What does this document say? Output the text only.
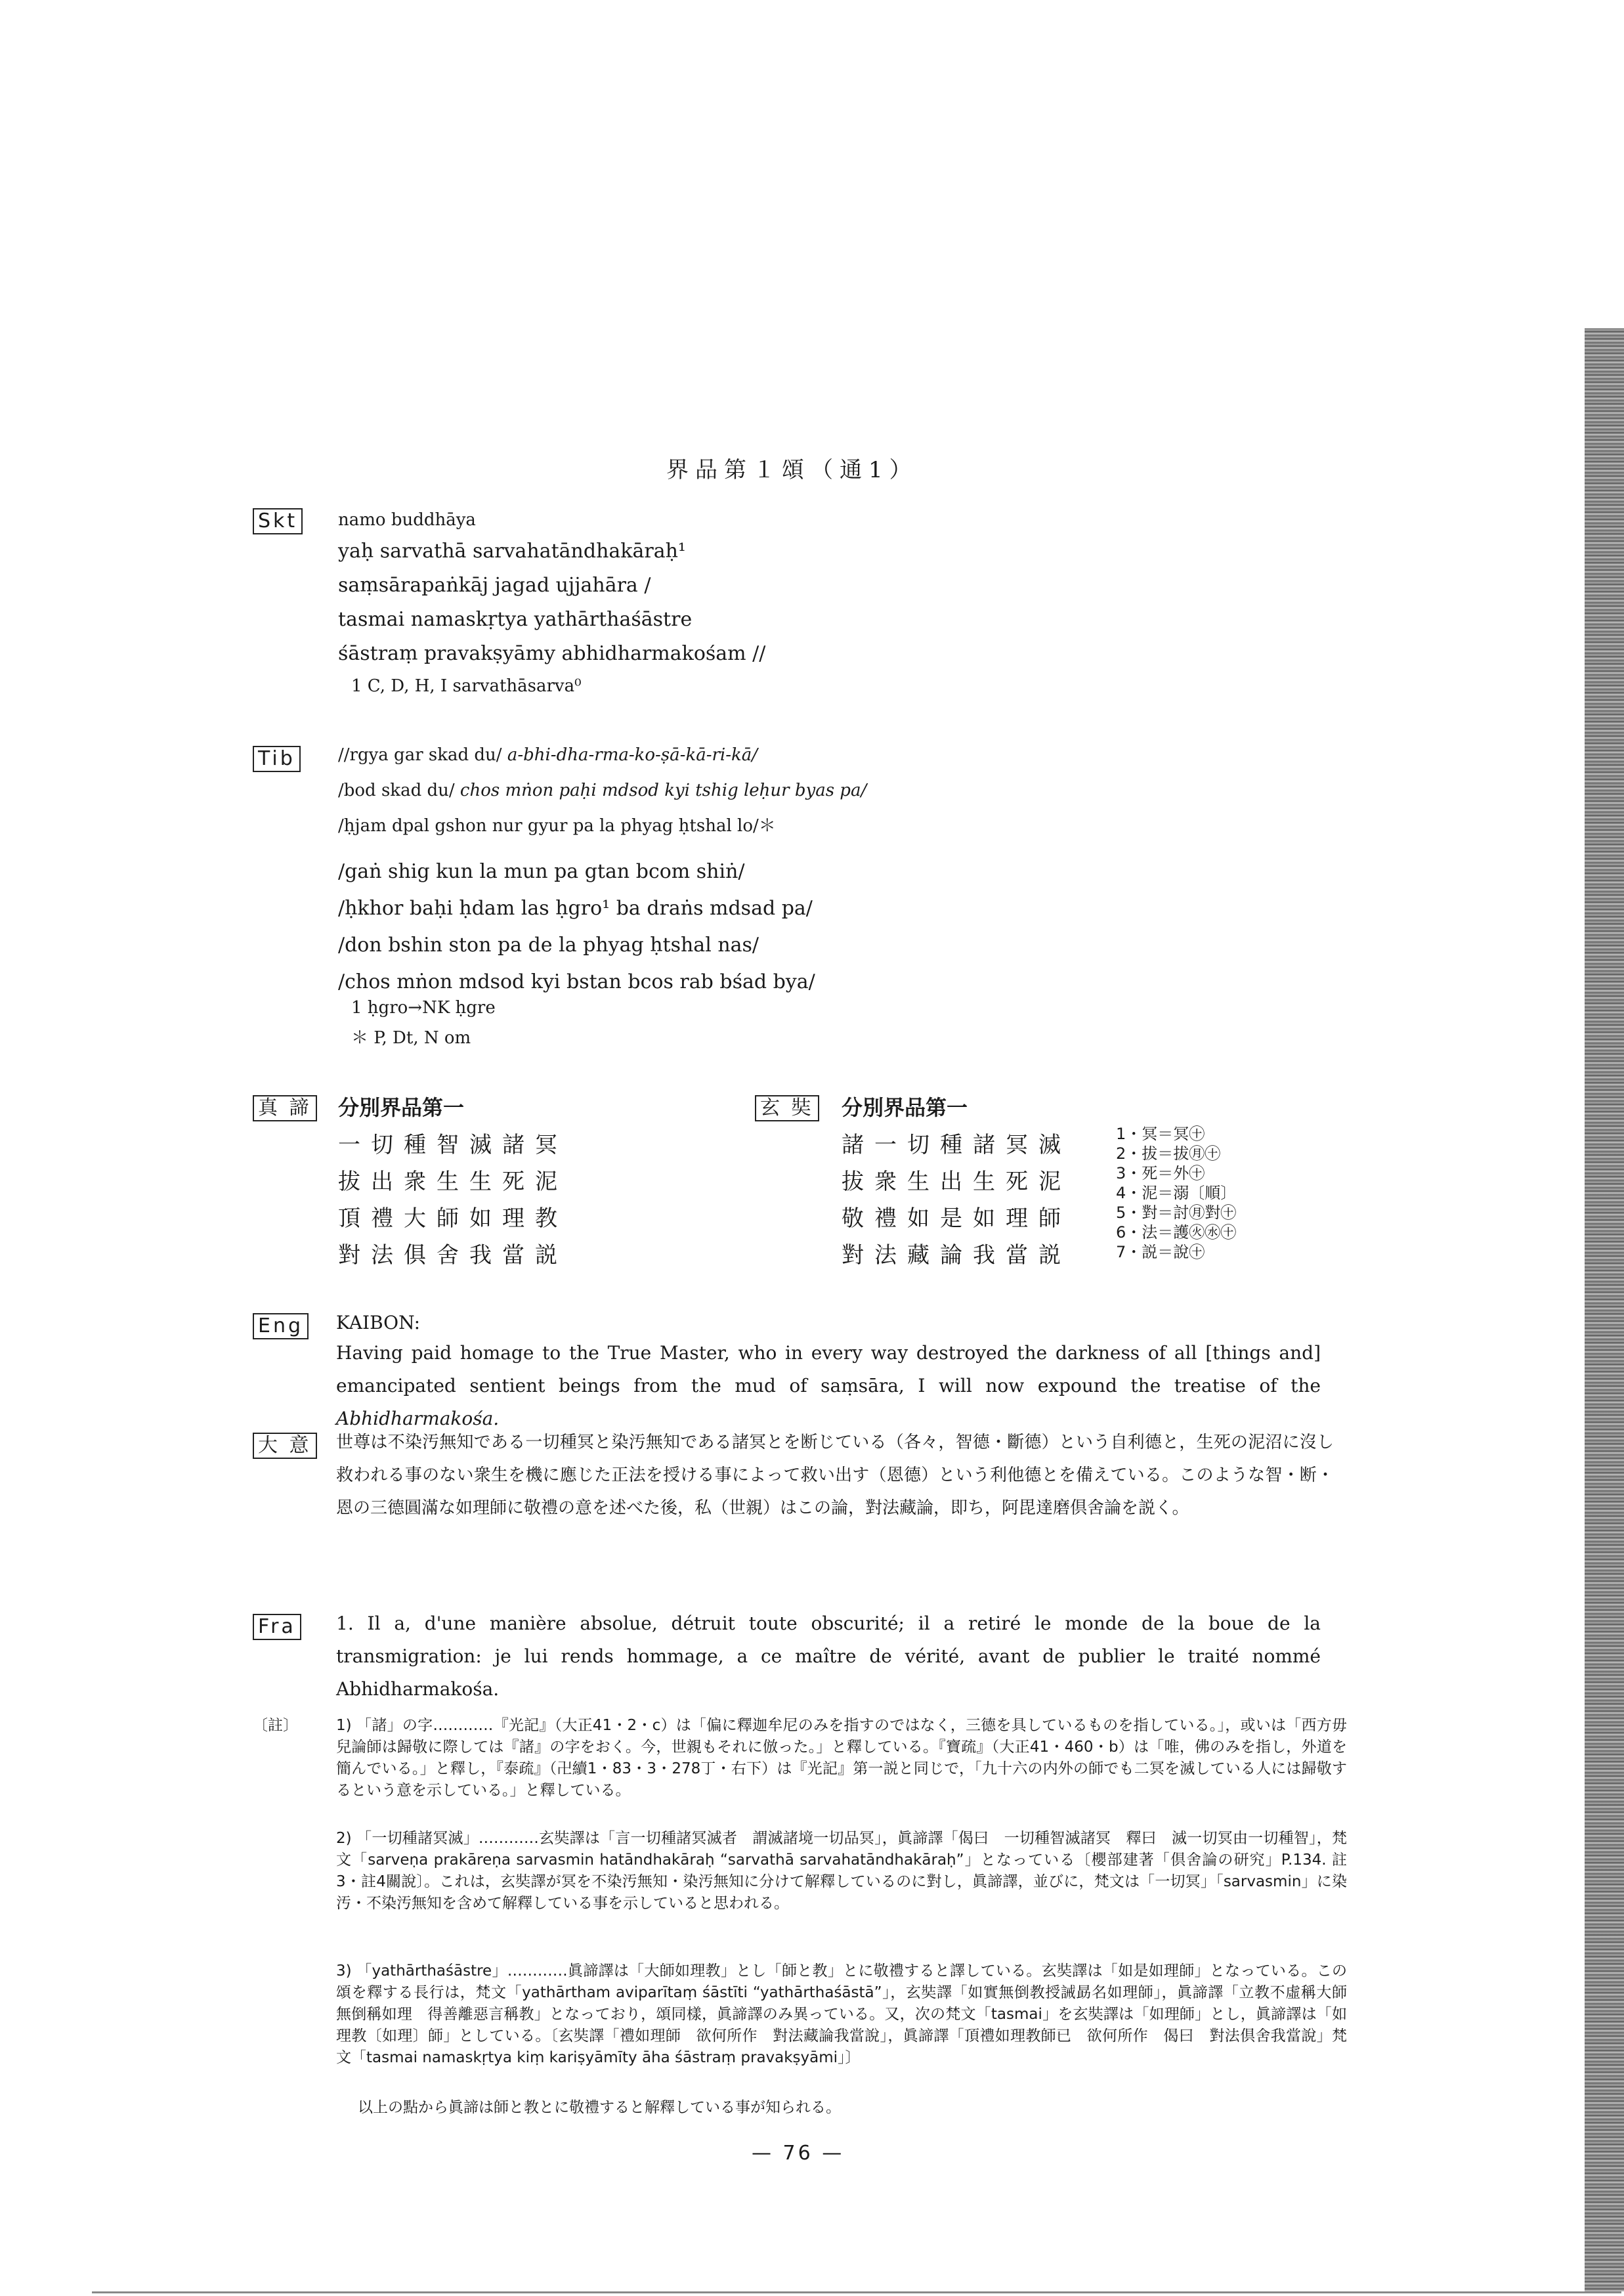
界品第１頌（通1）
Skt	namo buddhāya
yaḥ sarvathā sarvahatāndhakāraḥ¹
saṃsārapaṅkāj jagad ujjahāra /
tasmai namaskṛtya yathārthaśāstre
śāstraṃ pravakṣyāmy abhidharmakośam //
1 C, D, H, I sarvathāsarva⁰
Tib	//rgya gar skad du/ a-bhi-dha-rma-ko-ṣā-kā-ri-kā/
/bod skad du/ chos mṅon paḥi mdsod kyi tshig leḥur byas pa/
/ḥjam dpal gshon nur gyur pa la phyag ḥtshal lo/＊
/gaṅ shig kun la mun pa gtan bcom shiṅ/
/ḥkhor baḥi ḥdam las ḥgro¹ ba draṅs mdsad pa/
/don bshin ston pa de la phyag ḥtshal nas/
/chos mṅon mdsod kyi bstan bcos rab bśad bya/
1 ḥgro→NK ḥgre
＊ P, Dt, N om
真 諦 分別界品第一
一切種智滅諸冥
拔出衆生生死泥
頂禮大師如理教
對法俱舍我當説
玄 奘 分別界品第一
諸一切種諸冥滅
拔衆生出生死泥
敬禮如是如理師
對法藏論我當説
1・冥＝冥㊉
2・拔＝拔㊊㊉
3・死＝外㊉
4・泥＝溺〔順〕
5・對＝討㊊對㊉
6・法＝護㊋㊌㊉
7・説＝說㊉
Eng KAIBON:
Having paid homage to the True Master, who in every way destroyed the darkness of all [things and] emancipated sentient beings from the mud of saṃsāra, I will now expound the treatise of the Abhidharmakośa.
大 意	世尊は不染汚無知である一切種冥と染汚無知である諸冥とを断じている（各々，智德・斷德）という自利德と，生死の泥沼に沒し救われる事のない衆生を機に應じた正法を授ける事によって救い出す（恩德）という利他德とを備えている。このような智・断・恩の三德圓滿な如理師に敬禮の意を述べた後，私（世親）はこの論，對法藏論，即ち，阿毘達磨倶舍論を説く。
Fra 1. Il a, d'une manière absolue, détruit toute obscurité; il a retiré le monde de la boue de la transmigration: je lui rends hommage, a ce maître de vérité, avant de publier le traité nommé Abhidharmakośa.
〔註〕	1) 「諸」の字…………『光記』（大正41・2・c）は「偏に釋迦牟尼のみを指すのではなく，三德を具しているものを指している。」，或いは「西方毋兒論師は歸敬に際しては『諸』の字をおく。今，世親もそれに倣った。」と釋している。『寶疏』（大正41・460・b）は「唯，佛のみを指し，外道を簡んでいる。」と釋し，『泰疏』（卍續1・83・3・278丁・右下）は『光記』第一説と同じで，「九十六の内外の師でも二冥を滅している人には歸敬するという意を示している。」と釋している。
2) 「一切種諸冥滅」…………玄奘譯は「言一切種諸冥滅者　謂滅諸境一切品冥」，眞諦譯「偈曰　一切種智滅諸冥　釋曰　滅一切冥由一切種智」，梵文「sarveṇa prakāreṇa sarvasmin hatāndhakāraḥ “sarvathā sarvahatāndhakāraḥ”」となっている〔櫻部建著「倶舍論の研究」P.134. 註3・註4關說〕。これは，玄奘譯が冥を不染汚無知・染汚無知に分けて解釋しているのに對し，眞諦譯，並びに，梵文は「一切冥」「sarvasmin」に染汚・不染汚無知を含めて解釋している事を示していると思われる。
3) 「yathārthaśāstre」…………眞諦譯は「大師如理教」とし「師と教」とに敬禮すると譯している。玄奘譯は「如是如理師」となっている。この頌を釋する長行は，梵文「yathārtham aviparītaṃ śāstīti “yathārthaśāstā”」，玄奘譯「如實無倒教授誡勗名如理師」，眞諦譯「立教不虛稱大師　無倒稱如理　得善離惡言稱教」となっており，頌同樣，眞諦譯のみ異っている。又，次の梵文「tasmai」を玄奘譯は「如理師」とし，眞諦譯は「如理教〔如理〕師」としている。〔玄奘譯「禮如理師　欲何所作　對法藏論我當說」，眞諦譯「頂禮如理教師已　欲何所作　偈曰　對法倶舍我當說」梵文「tasmai namaskṛtya kiṃ kariṣyāmīty āha śāstraṃ pravakṣyāmi」〕
以上の點から眞諦は師と教とに敬禮すると解釋している事が知られる。
— 76 —
